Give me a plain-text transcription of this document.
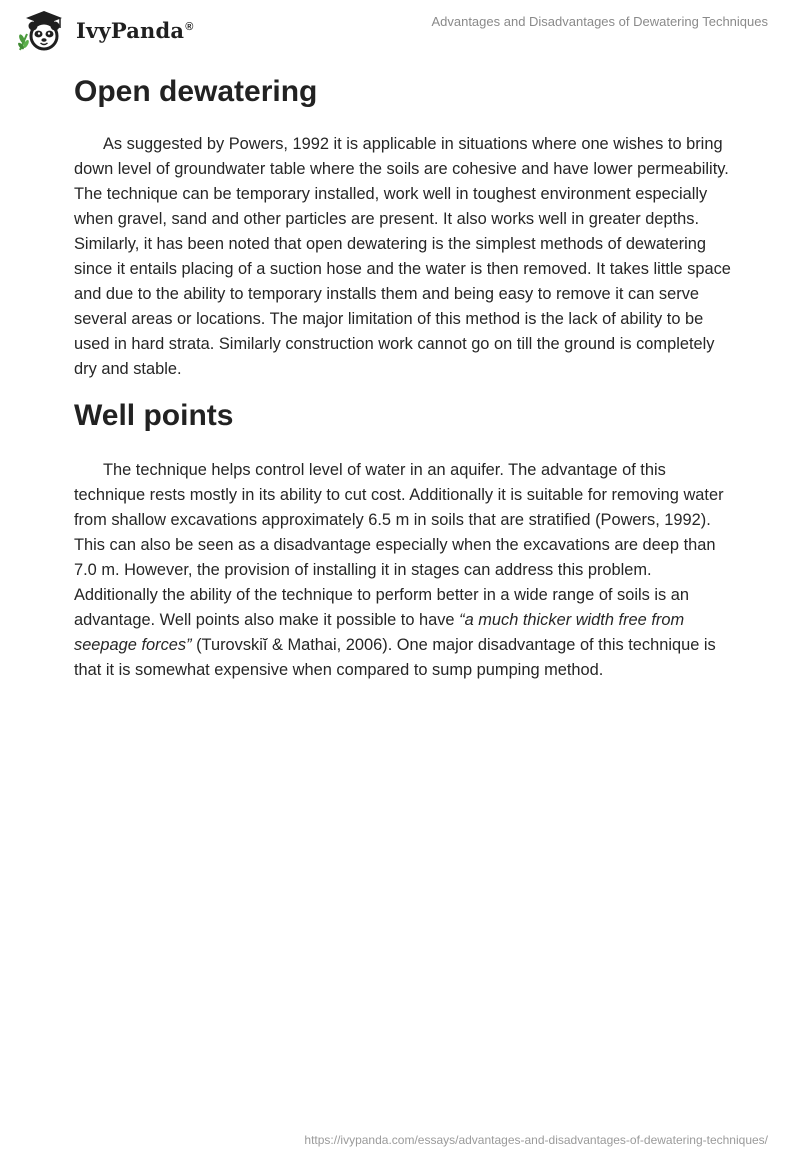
IvyPanda®	Advantages and Disadvantages of Dewatering Techniques
Open dewatering

As suggested by Powers, 1992 it is applicable in situations where one wishes to bring down level of groundwater table where the soils are cohesive and have lower permeability. The technique can be temporary installed, work well in toughest environment especially when gravel, sand and other particles are present. It also works well in greater depths. Similarly, it has been noted that open dewatering is the simplest methods of dewatering since it entails placing of a suction hose and the water is then removed. It takes little space and due to the ability to temporary installs them and being easy to remove it can serve several areas or locations. The major limitation of this method is the lack of ability to be used in hard strata. Similarly construction work cannot go on till the ground is completely dry and stable.

Well points

The technique helps control level of water in an aquifer. The advantage of this technique rests mostly in its ability to cut cost. Additionally it is suitable for removing water from shallow excavations approximately 6.5 m in soils that are stratified (Powers, 1992). This can also be seen as a disadvantage especially when the excavations are deep than 7.0 m. However, the provision of installing it in stages can address this problem. Additionally the ability of the technique to perform better in a wide range of soils is an advantage. Well points also make it possible to have “a much thicker width free from seepage forces” (Turovskiĭ & Mathai, 2006). One major disadvantage of this technique is that it is somewhat expensive when compared to sump pumping method.

https://ivypanda.com/essays/advantages-and-disadvantages-of-dewatering-techniques/
